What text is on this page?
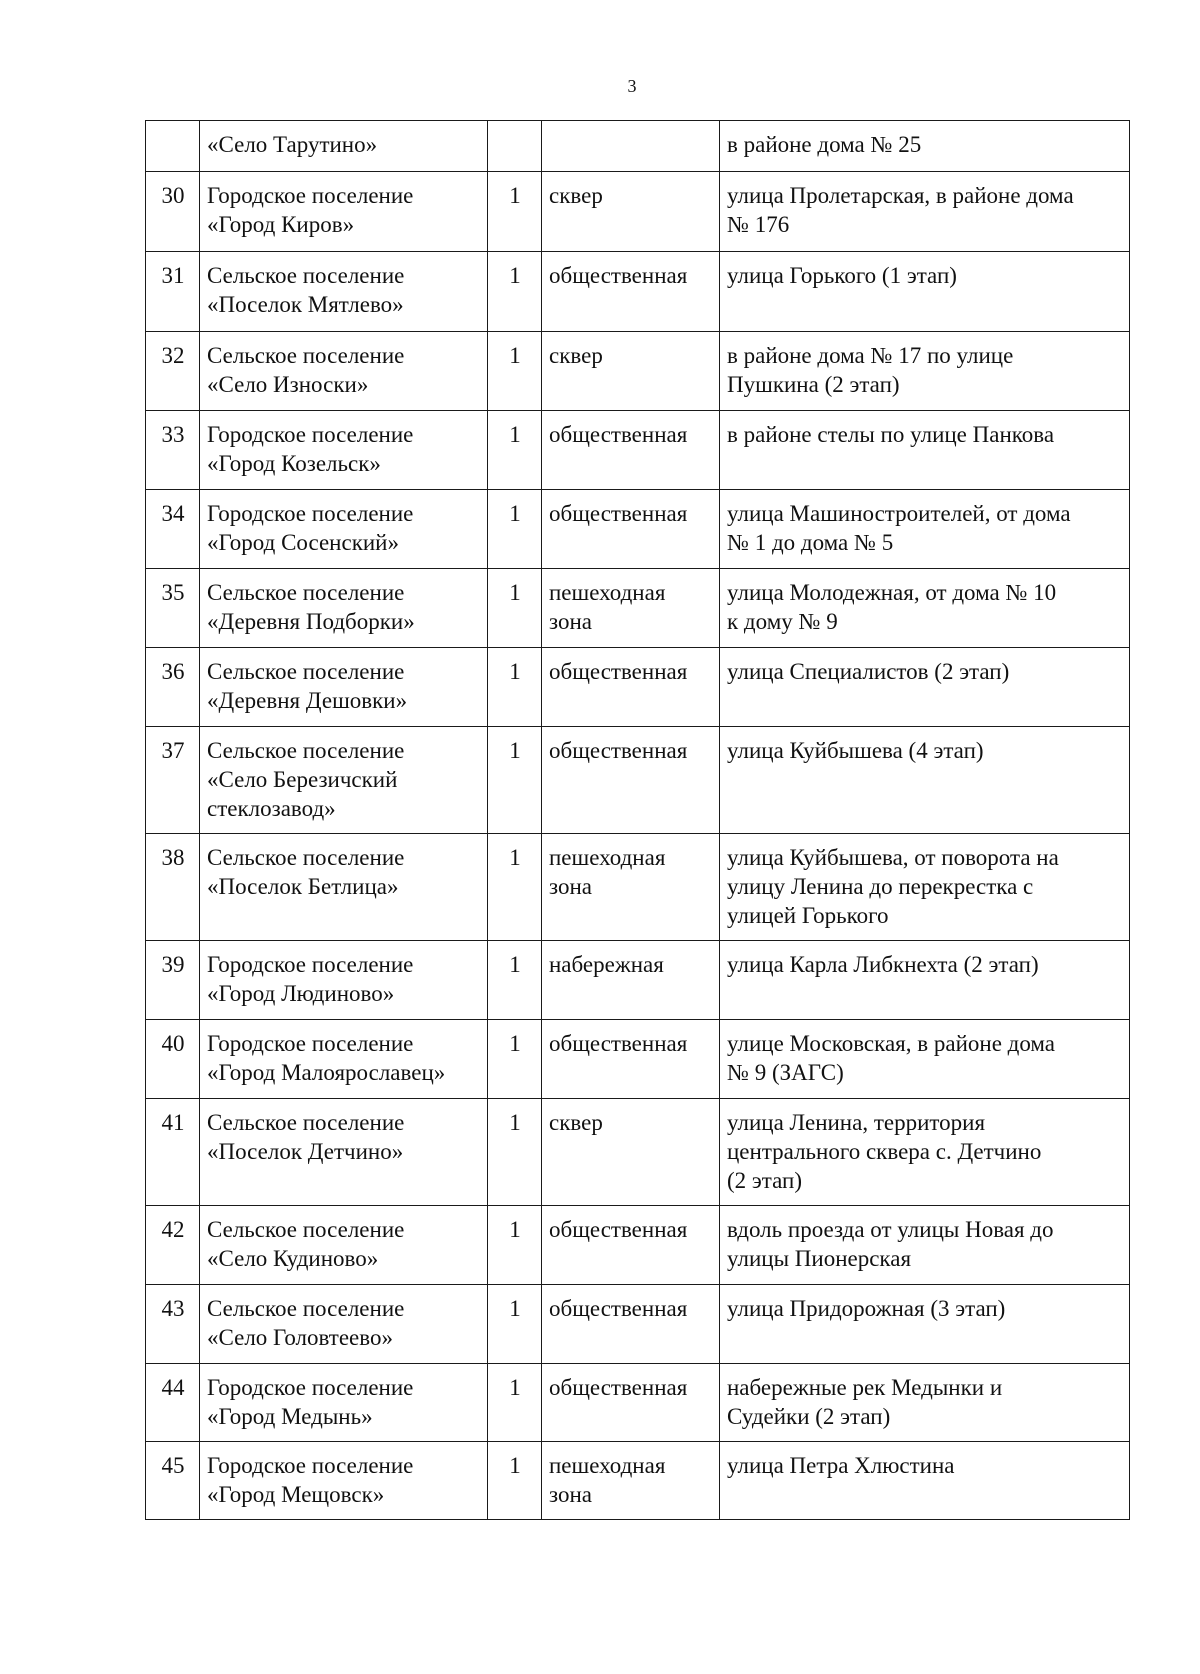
3

	«Село Тарутино»			в районе дома № 25

30	Городское поселение
«Город Киров»	1	сквер	улица Пролетарская, в районе дома
№ 176

31	Сельское поселение
«Поселок Мятлево»	1	общественная	улица Горького (1 этап)

32	Сельское поселение
«Село Износки»	1	сквер	в районе дома № 17 по улице
Пушкина (2 этап)

33	Городское поселение
«Город Козельск»	1	общественная	в районе стелы по улице Панкова

34	Городское поселение
«Город Сосенский»	1	общественная	улица Машиностроителей, от дома
№ 1 до дома № 5

35	Сельское поселение
«Деревня Подборки»	1	пешеходная
зона	улица Молодежная, от дома № 10
к дому № 9

36	Сельское поселение
«Деревня Дешовки»	1	общественная	улица Специалистов (2 этап)

37	Сельское поселение
«Село Березичский
стеклозавод»	1	общественная	улица Куйбышева (4 этап)

38	Сельское поселение
«Поселок Бетлица»	1	пешеходная
зона	улица Куйбышева, от поворота на
улицу Ленина до перекрестка с
улицей Горького

39	Городское поселение
«Город Людиново»	1	набережная	улица Карла Либкнехта (2 этап)

40	Городское поселение
«Город Малоярославец»	1	общественная	улице Московская, в районе дома
№ 9 (ЗАГС)

41	Сельское поселение
«Поселок Детчино»	1	сквер	улица Ленина, территория
центрального сквера с. Детчино
(2 этап)

42	Сельское поселение
«Село Кудиново»	1	общественная	вдоль проезда от улицы Новая до
улицы Пионерская

43	Сельское поселение
«Село Головтеево»	1	общественная	улица Придорожная (3 этап)

44	Городское поселение
«Город Медынь»	1	общественная	набережные рек Медынки и
Судейки (2 этап)

45	Городское поселение
«Город Мещовск»	1	пешеходная
зона	улица Петра Хлюстина
